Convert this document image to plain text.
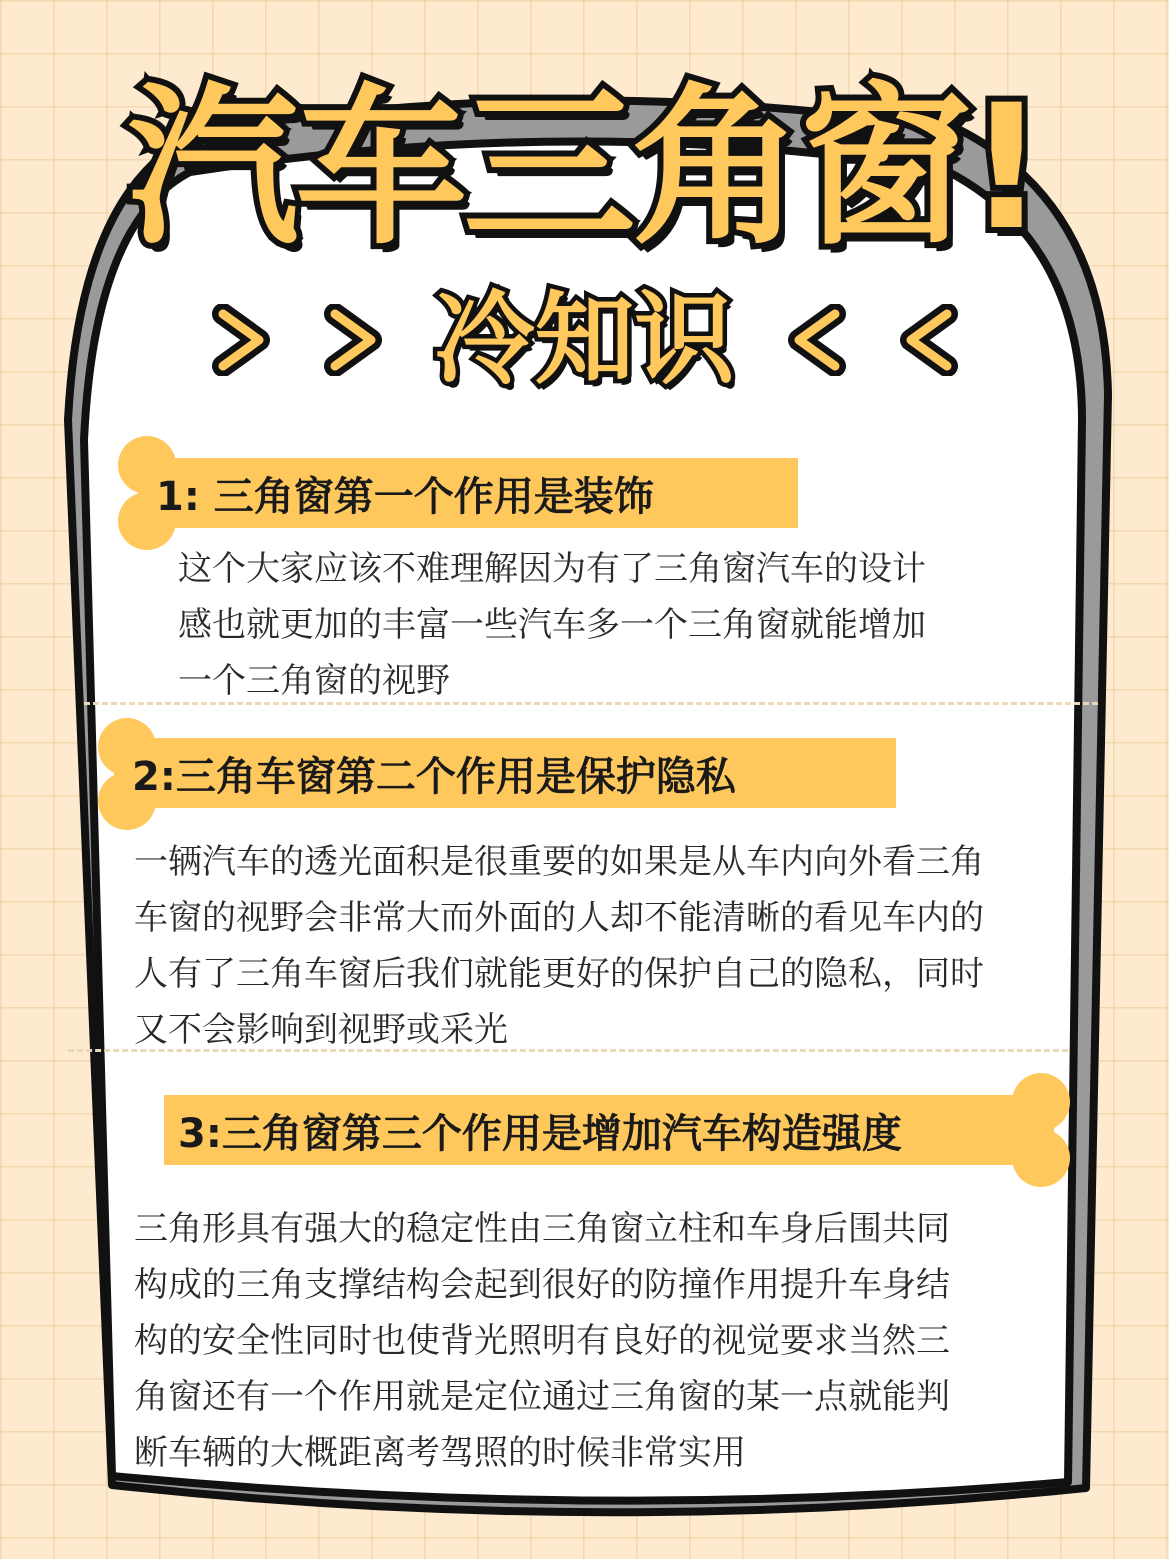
汽车三角窗!
冷知识
1: 三角窗第一个作用是装饰
这个大家应该不难理解因为有了三角窗汽车的设计
感也就更加的丰富一些汽车多一个三角窗就能增加
一个三角窗的视野
2:三角车窗第二个作用是保护隐私
一辆汽车的透光面积是很重要的如果是从车内向外看三角
车窗的视野会非常大而外面的人却不能清晰的看见车内的
人有了三角车窗后我们就能更好的保护自己的隐私，同时
又不会影响到视野或采光
3:三角窗第三个作用是增加汽车构造强度
三角形具有强大的稳定性由三角窗立柱和车身后围共同
构成的三角支撑结构会起到很好的防撞作用提升车身结
构的安全性同时也使背光照明有良好的视觉要求当然三
角窗还有一个作用就是定位通过三角窗的某一点就能判
断车辆的大概距离考驾照的时候非常实用
